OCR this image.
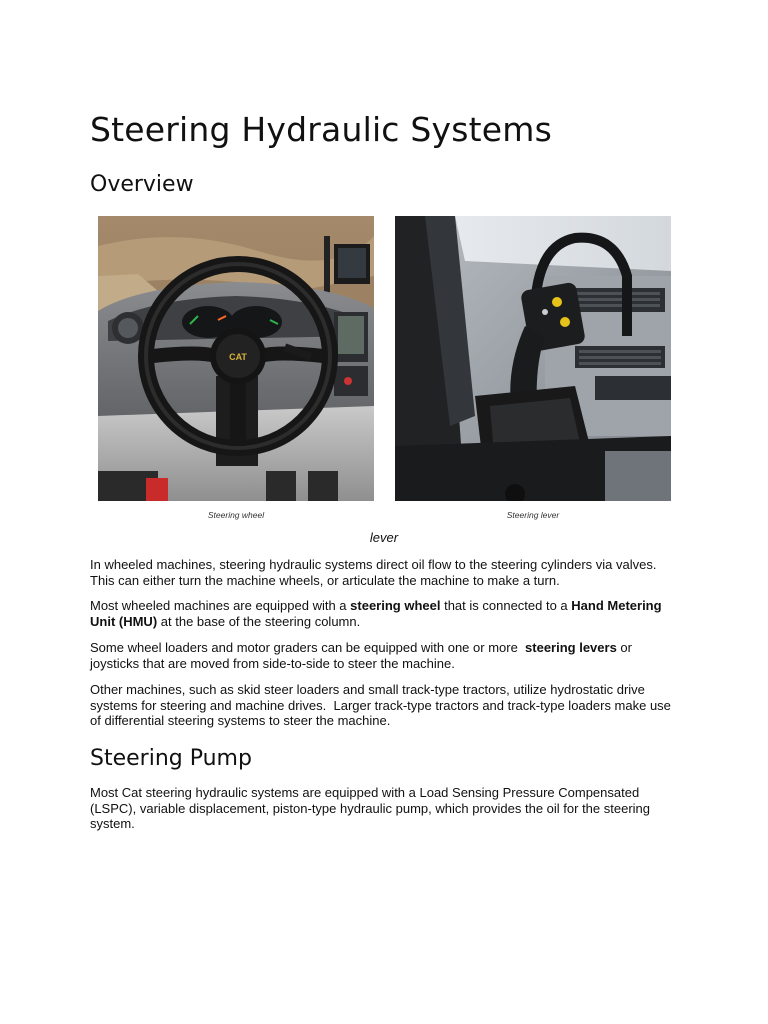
Steering Hydraulic Systems
Overview
CAT
Steering wheel	Steering lever
lever

In wheeled machines, steering hydraulic systems direct oil flow to the steering cylinders via valves. This can either turn the machine wheels, or articulate the machine to make a turn.

Most wheeled machines are equipped with a steering wheel that is connected to a Hand Metering Unit (HMU) at the base of the steering column.

Some wheel loaders and motor graders can be equipped with one or more  steering levers or joysticks that are moved from side-to-side to steer the machine.

Other machines, such as skid steer loaders and small track-type tractors, utilize hydrostatic drive systems for steering and machine drives.  Larger track-type tractors and track-type loaders make use of differential steering systems to steer the machine.

Steering Pump

Most Cat steering hydraulic systems are equipped with a Load Sensing Pressure Compensated (LSPC), variable displacement, piston-type hydraulic pump, which provides the oil for the steering system.
